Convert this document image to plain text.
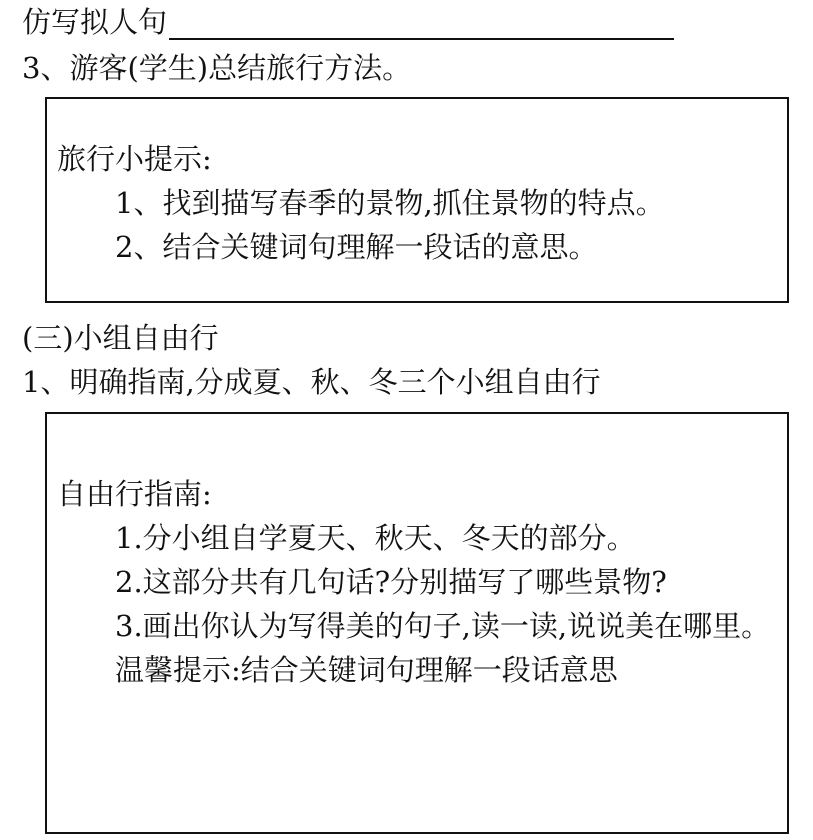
仿写拟人句
3、游客(学生)总结旅行方法。

旅行小提示:

1、找到描写春季的景物,抓住景物的特点。

2、结合关键词句理解一段话的意思。

(三)小组自由行
1、明确指南,分成夏、秋、冬三个小组自由行

自由行指南:

1.分小组自学夏天、秋天、冬天的部分。

2.这部分共有几句话?分别描写了哪些景物?

3.画出你认为写得美的句子,读一读,说说美在哪里。

温馨提示:结合关键词句理解一段话意思
